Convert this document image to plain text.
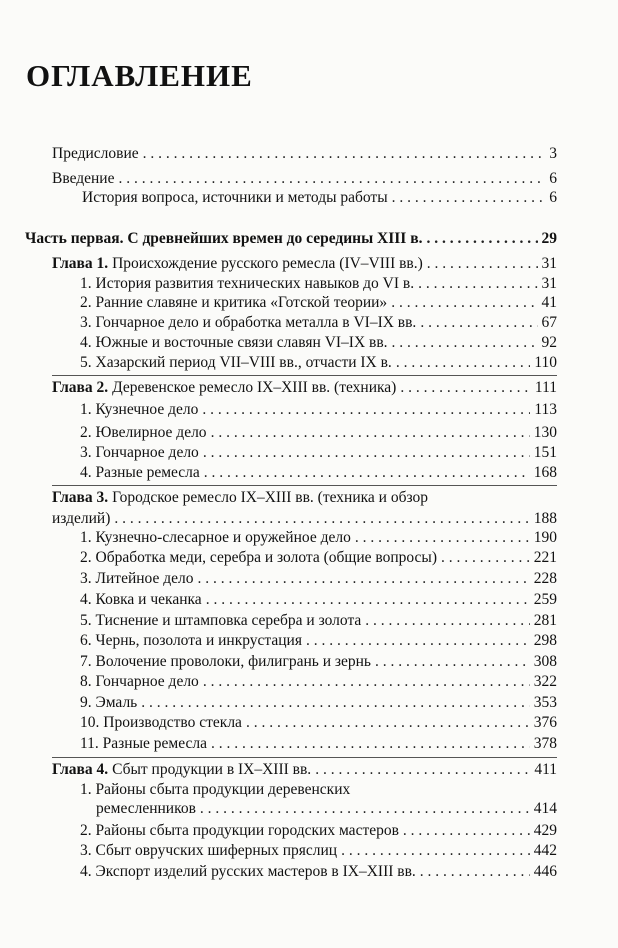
ОГЛАВЛЕНИЕ
Предисловие . . .	3
Введение . . .	6
История вопроса, источники и методы работы . . .	6
Часть первая. С древнейших времен до середины XIII в. . . .	29
Глава 1. Происхождение русского ремесла (IV–VIII вв.) . . .	31
1. История развития технических навыков до VI в. . . .	31
2. Ранние славяне и критика «Готской теории» . . .	41
3. Гончарное дело и обработка металла в VI–IX вв. . . .	67
4. Южные и восточные связи славян VI–IX вв. . . .	92
5. Хазарский период VII–VIII вв., отчасти IX в. . . .	110
Глава 2. Деревенское ремесло IX–XIII вв. (техника) . . .	111
1. Кузнечное дело . . .	113
2. Ювелирное дело . . .	130
3. Гончарное дело . . .	151
4. Разные ремесла . . .	168
Глава 3. Городское ремесло IX–XIII вв. (техника и обзор
изделий) . . .	188
1. Кузнечно-слесарное и оружейное дело . . .	190
2. Обработка меди, серебра и золота (общие вопросы) . . .	221
3. Литейное дело . . .	228
4. Ковка и чеканка . . .	259
5. Тиснение и штамповка серебра и золота . . .	281
6. Чернь, позолота и инкрустация . . .	298
7. Волочение проволоки, филигрань и зернь . . .	308
8. Гончарное дело . . .	322
9. Эмаль . . .	353
10. Производство стекла . . .	376
11. Разные ремесла . . .	378
Глава 4. Сбыт продукции в IX–XIII вв. . . .	411
1. Районы сбыта продукции деревенских
ремесленников . . .	414
2. Районы сбыта продукции городских мастеров . . .	429
3. Сбыт овручских шиферных пряслиц . . .	442
4. Экспорт изделий русских мастеров в IX–XIII вв. . . .	446
